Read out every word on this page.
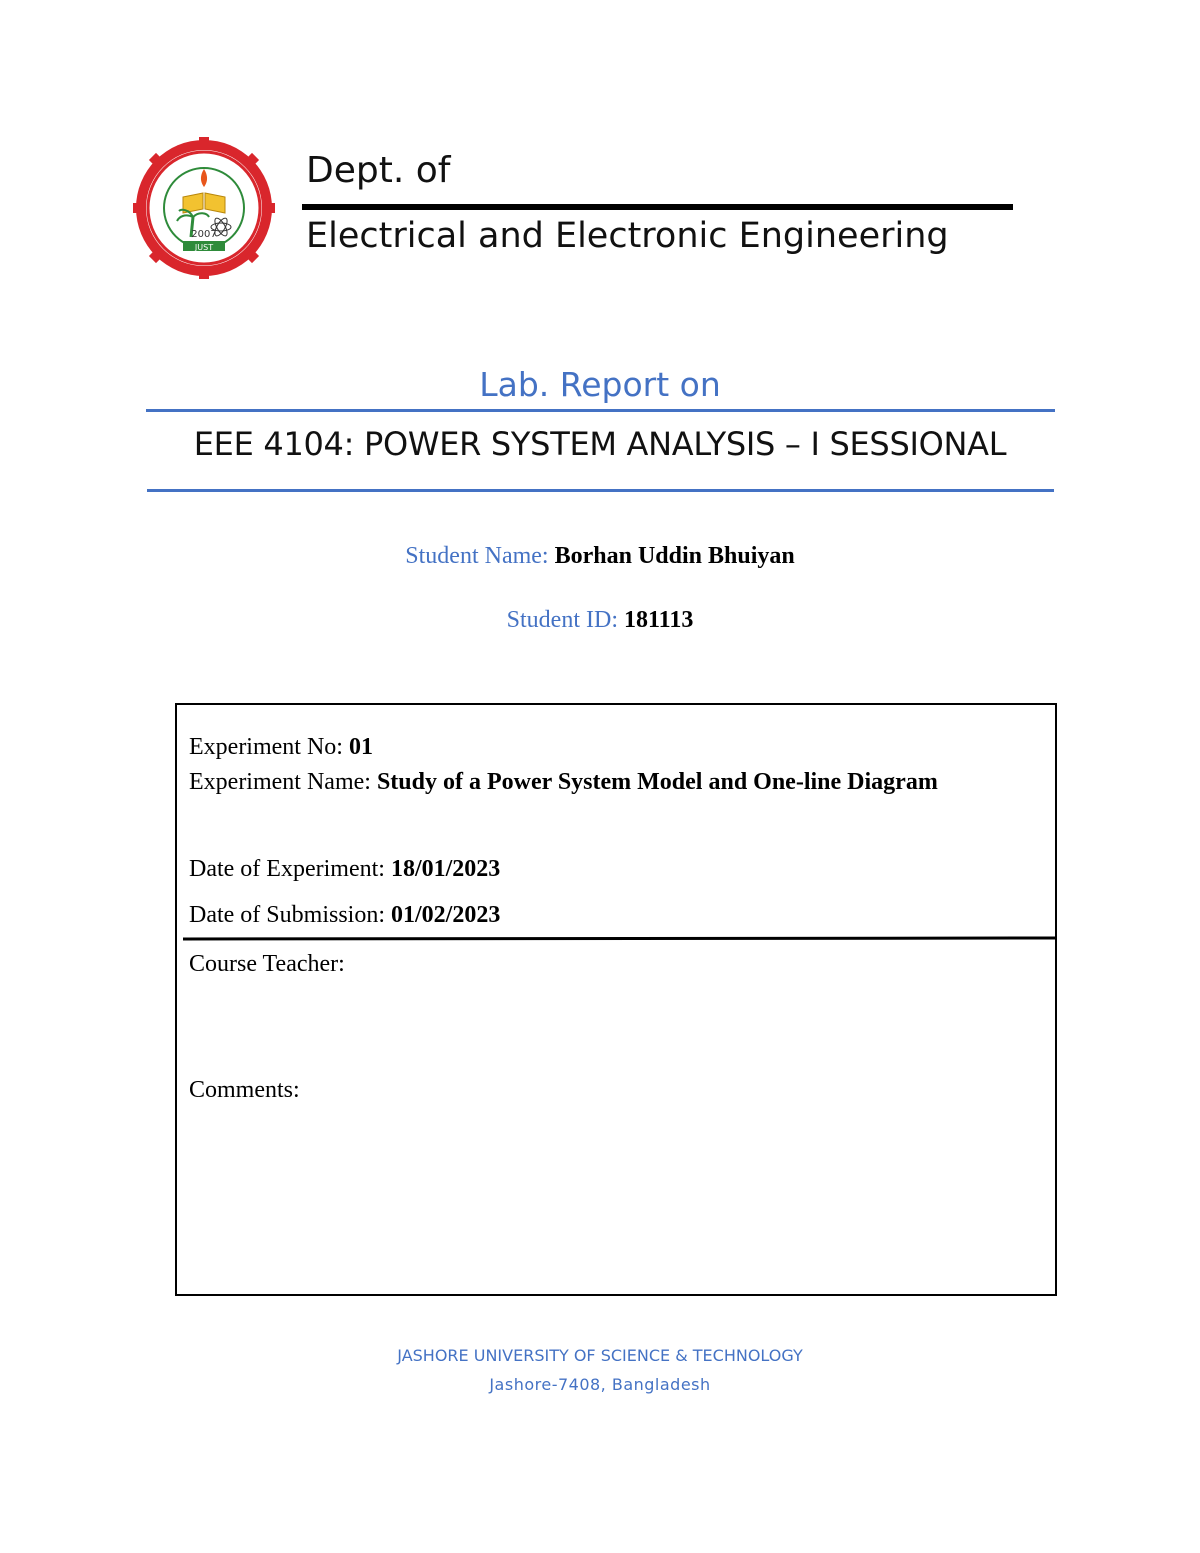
2007
JUST
Dept. of
Electrical and Electronic Engineering
Lab. Report on
EEE 4104: POWER SYSTEM ANALYSIS – I SESSIONAL
Student Name: Borhan Uddin Bhuiyan
Student ID: 181113
Experiment No: 01
Experiment Name: Study of a Power System Model and One-line Diagram
Date of Experiment: 18/01/2023
Date of Submission: 01/02/2023
Course Teacher:
Comments:
JASHORE UNIVERSITY OF SCIENCE & TECHNOLOGY
Jashore-7408, Bangladesh
